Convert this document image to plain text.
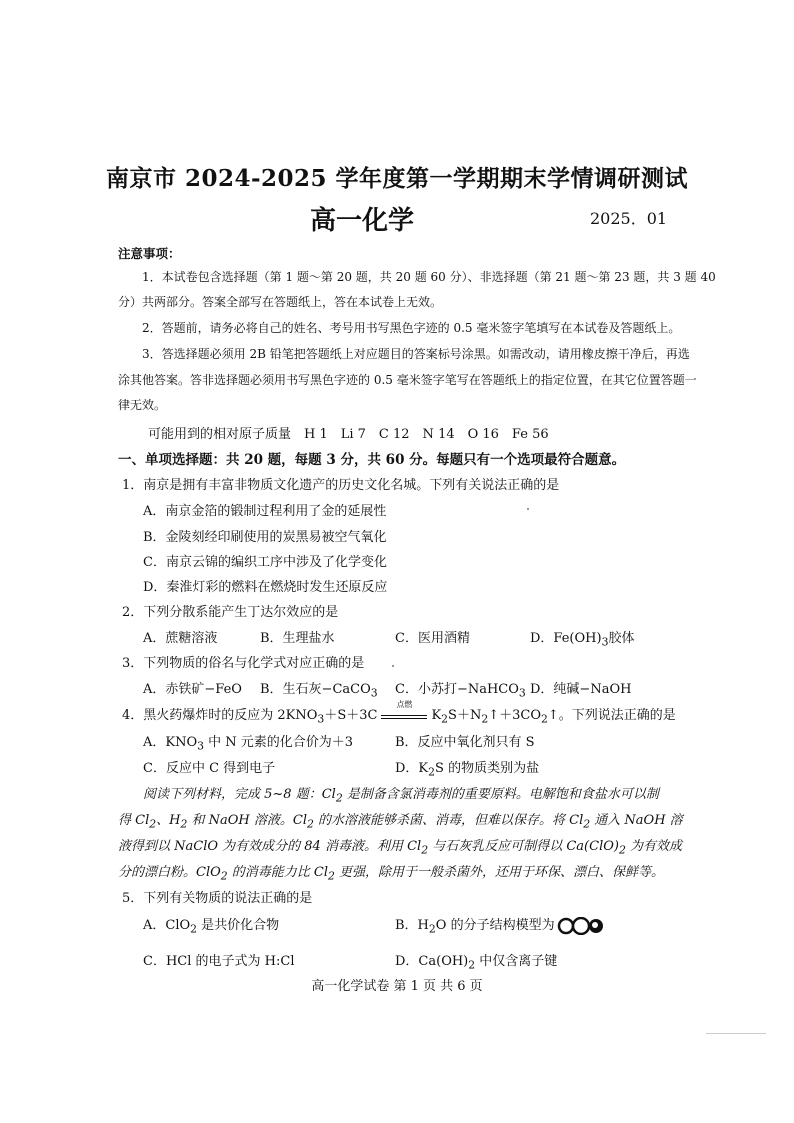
南京市 2024-2025 学年度第一学期期末学情调研测试
高一化学	2025．01
注意事项：
1．本试卷包含选择题（第 1 题～第 20 题，共 20 题 60 分）、非选择题（第 21 题～第 23 题，共 3 题 40
分）共两部分。答案全部写在答题纸上，答在本试卷上无效。
2．答题前，请务必将自己的姓名、考号用书写黑色字迹的 0.5 毫米签字笔填写在本试卷及答题纸上。
3．答选择题必须用 2B 铅笔把答题纸上对应题目的答案标号涂黑。如需改动，请用橡皮擦干净后，再选
涂其他答案。答非选择题必须用书写黑色字迹的 0.5 毫米签字笔写在答题纸上的指定位置，在其它位置答题一
律无效。
可能用到的相对原子质量　H 1　Li 7　C 12　N 14　O 16　Fe 56
一、单项选择题：共 20 题，每题 3 分，共 60 分。每题只有一个选项最符合题意。
1．南京是拥有丰富非物质文化遗产的历史文化名城。下列有关说法正确的是
A．南京金箔的锻制过程利用了金的延展性
B．金陵刻经印刷使用的炭黑易被空气氧化
C．南京云锦的编织工序中涉及了化学变化
D．秦淮灯彩的燃料在燃烧时发生还原反应
2．下列分散系能产生丁达尔效应的是
A．蔗糖溶液	B．生理盐水	C．医用酒精	D．$Fe(OH)_3$胶体
3．下列物质的俗名与化学式对应正确的是
A．赤铁矿−FeO B．生石灰−CaCO$_3$ C．小苏打−NaHCO$_3$ D．纯碱−NaOH
4．黑火药爆炸时的反应为 $2KNO_3+S+3C$
点燃
$K_2S+N_2↑+3CO_2↑$。下列说法正确的是
A．$KNO_3$ 中 N 元素的化合价为＋3	B．反应中氧化剂只有 S
C．反应中 C 得到电子	D．$K_2S$ 的物质类别为盐
阅读下列材料，完成 5~8 题：$Cl_2$ 是制备含氯消毒剂的重要原料。电解饱和食盐水可以制
得 $Cl_2$、$H_2$ 和 NaOH 溶液。$Cl_2$ 的水溶液能够杀菌、消毒，但难以保存。将 $Cl_2$ 通入 NaOH 溶
液得到以 NaClO 为有效成分的 84 消毒液。利用 $Cl_2$ 与石灰乳反应可制得以 $Ca(ClO)_2$ 为有效成
分的漂白粉。ClO$_2$ 的消毒能力比 $Cl_2$ 更强，除用于一般杀菌外，还用于环保、漂白、保鲜等。
5．下列有关物质的说法正确的是
A．ClO$_2$ 是共价化合物	B．$H_2O$ 的分子结构模型为
C．HCl 的电子式为 H:Cl	D．$Ca(OH)_2$ 中仅含离子键
高一化学试卷 第 1 页 共 6 页
